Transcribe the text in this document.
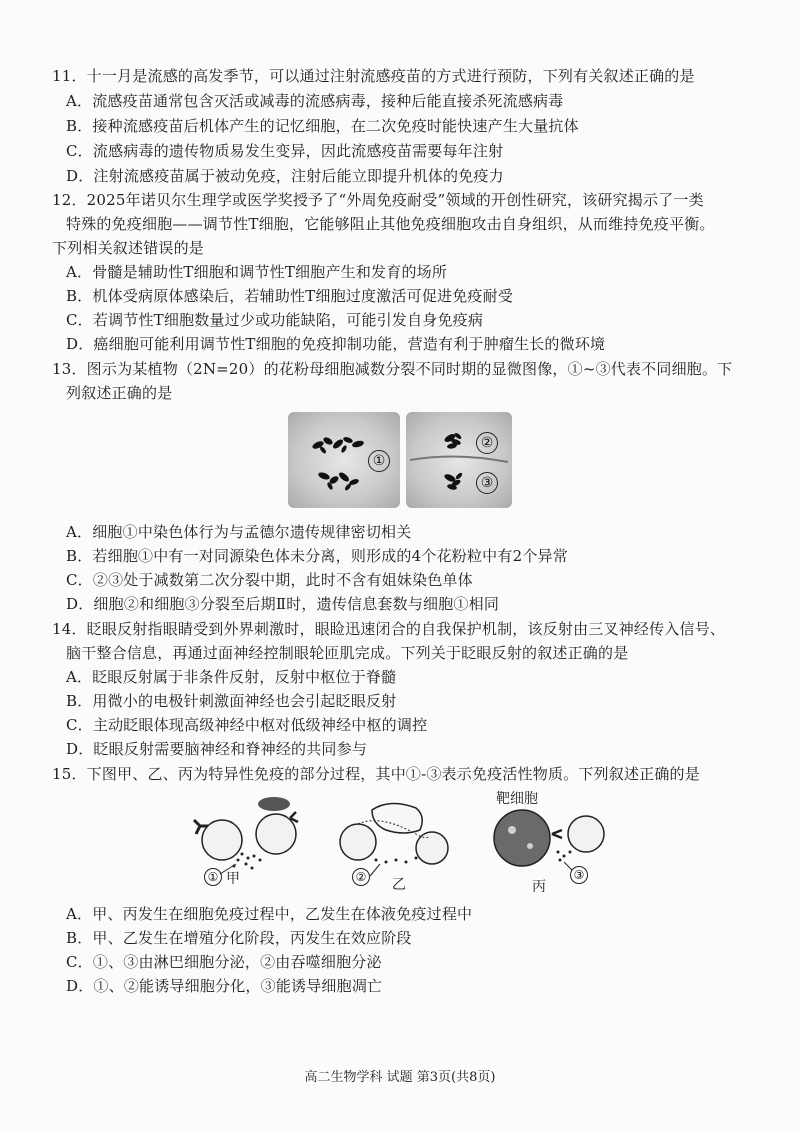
11．十一月是流感的高发季节，可以通过注射流感疫苗的方式进行预防，下列有关叙述正确的是
A．流感疫苗通常包含灭活或减毒的流感病毒，接种后能直接杀死流感病毒
B．接种流感疫苗后机体产生的记忆细胞，在二次免疫时能快速产生大量抗体
C．流感病毒的遗传物质易发生变异，因此流感疫苗需要每年注射
D．注射流感疫苗属于被动免疫，注射后能立即提升机体的免疫力
12．2025年诺贝尔生理学或医学奖授予了“外周免疫耐受”领域的开创性研究，该研究揭示了一类
特殊的免疫细胞——调节性T细胞，它能够阻止其他免疫细胞攻击自身组织，从而维持免疫平衡。
下列相关叙述错误的是
A．骨髓是辅助性T细胞和调节性T细胞产生和发育的场所
B．机体受病原体感染后，若辅助性T细胞过度激活可促进免疫耐受
C．若调节性T细胞数量过少或功能缺陷，可能引发自身免疫病
D．癌细胞可能利用调节性T细胞的免疫抑制功能，营造有利于肿瘤生长的微环境
13．图示为某植物（2N=20）的花粉母细胞减数分裂不同时期的显微图像，①~③代表不同细胞。下
列叙述正确的是
①
②
③
A．细胞①中染色体行为与孟德尔遗传规律密切相关
B．若细胞①中有一对同源染色体未分离，则形成的4个花粉粒中有2个异常
C．②③处于减数第二次分裂中期，此时不含有姐妹染色单体
D．细胞②和细胞③分裂至后期Ⅱ时，遗传信息套数与细胞①相同
14．眨眼反射指眼睛受到外界刺激时，眼睑迅速闭合的自我保护机制，该反射由三叉神经传入信号、
脑干整合信息，再通过面神经控制眼轮匝肌完成。下列关于眨眼反射的叙述正确的是
A．眨眼反射属于非条件反射，反射中枢位于脊髓
B．用微小的电极针刺激面神经也会引起眨眼反射
C．主动眨眼体现高级神经中枢对低级神经中枢的调控
D．眨眼反射需要脑神经和脊神经的共同参与
15．下图甲、乙、丙为特异性免疫的部分过程，其中①-③表示免疫活性物质。下列叙述正确的是
靶细胞
① 甲	② 乙
③
丙
A．甲、丙发生在细胞免疫过程中，乙发生在体液免疫过程中
B．甲、乙发生在增殖分化阶段，丙发生在效应阶段
C．①、③由淋巴细胞分泌，②由吞噬细胞分泌
D．①、②能诱导细胞分化，③能诱导细胞凋亡
高二生物学科 试题 第3页(共8页)
